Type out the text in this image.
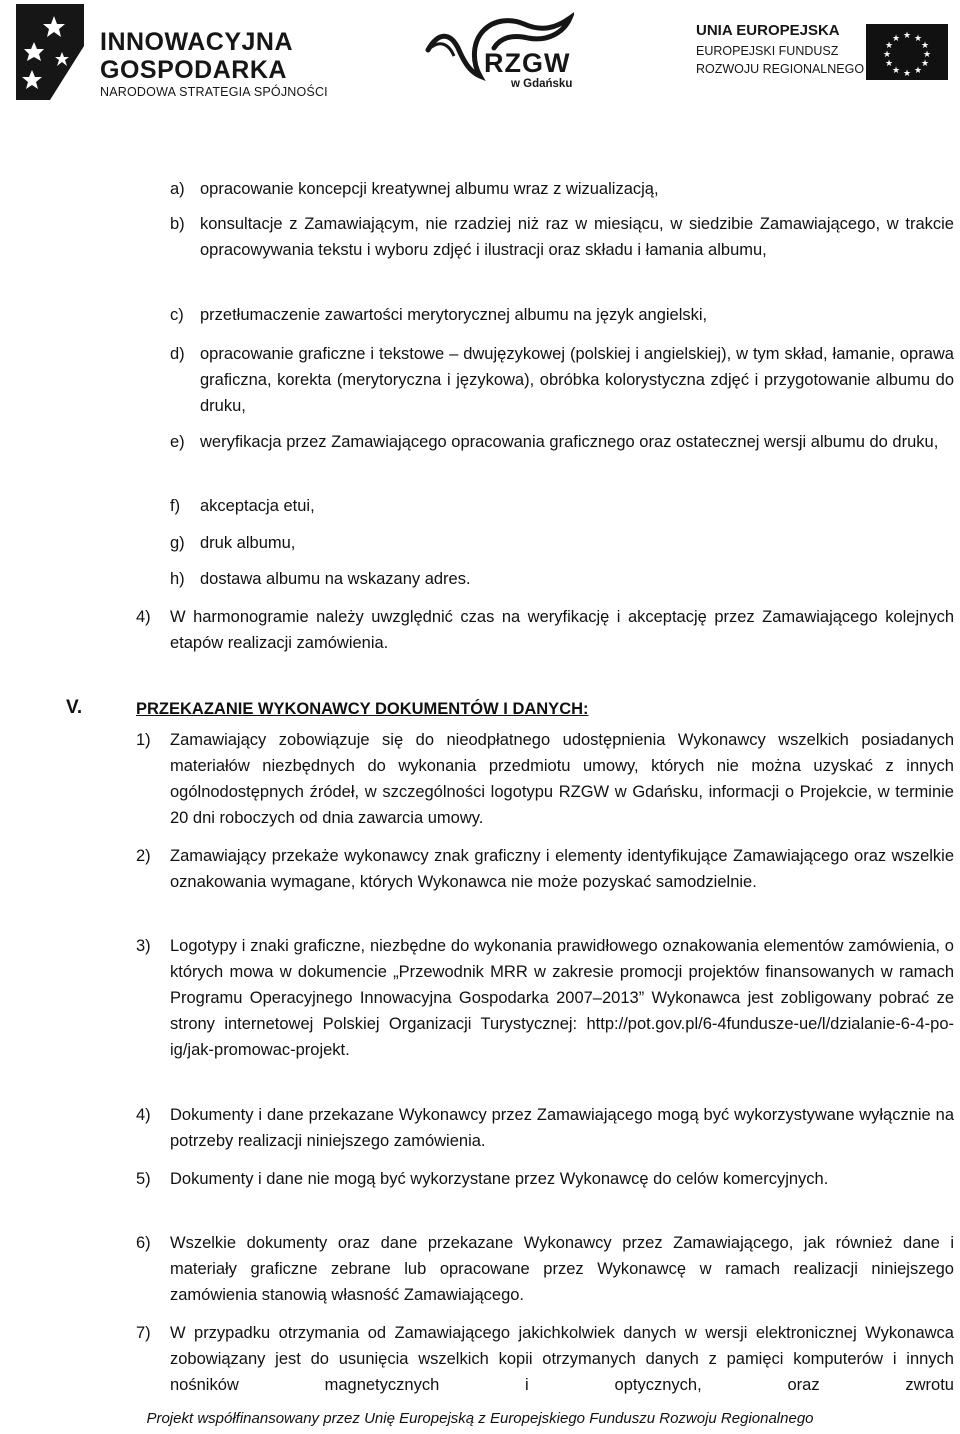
INNOWACYJNA
GOSPODARKA
NARODOWA STRATEGIA SPÓJNOŚCI
RZGW
w Gdańsku
UNIA EUROPEJSKA
EUROPEJSKI FUNDUSZ
ROZWOJU REGIONALNEGO
★ ★
★
★
★
★
★
★
★
★
★
★
a) opracowanie koncepcji kreatywnej albumu wraz z wizualizacją,

b) konsultacje z Zamawiającym, nie rzadziej niż raz w miesiącu, w siedzibie Zamawiającego, w trakcie opracowywania tekstu i wyboru zdjęć i ilustracji oraz składu i łamania albumu,

c) przetłumaczenie zawartości merytorycznej albumu na język angielski,

d) opracowanie graficzne i tekstowe – dwujęzykowej (polskiej i angielskiej), w tym skład, łamanie, oprawa graficzna, korekta (merytoryczna i językowa), obróbka kolorystyczna zdjęć i przygotowanie albumu do druku,

e) weryfikacja przez Zamawiającego opracowania graficznego oraz ostatecznej wersji albumu do druku,

f) akceptacja etui,

g) druk albumu,

h) dostawa albumu na wskazany adres.

4) W harmonogramie należy uwzględnić czas na weryfikację i akceptację przez Zamawiającego kolejnych etapów realizacji zamówienia.

V.	PRZEKAZANIE WYKONAWCY DOKUMENTÓW I DANYCH:
1) Zamawiający zobowiązuje się do nieodpłatnego udostępnienia Wykonawcy wszelkich posiadanych materiałów niezbędnych do wykonania przedmiotu umowy, których nie można uzyskać z innych ogólnodostępnych źródeł, w szczególności logotypu RZGW w Gdańsku, informacji o Projekcie, w terminie 20 dni roboczych od dnia zawarcia umowy.

2) Zamawiający przekaże wykonawcy znak graficzny i elementy identyfikujące Zamawiającego oraz wszelkie oznakowania wymagane, których Wykonawca nie może pozyskać samodzielnie.

3) Logotypy i znaki graficzne, niezbędne do wykonania prawidłowego oznakowania elementów zamówienia, o których mowa w dokumencie „Przewodnik MRR w zakresie promocji projektów finansowanych w ramach Programu Operacyjnego Innowacyjna Gospodarka 2007–2013” Wykonawca jest zobligowany pobrać ze strony internetowej Polskiej Organizacji Turystycznej: http://pot.gov.pl/6-4fundusze-ue/l/dzialanie-6-4-po-ig/jak-promowac-projekt.

4) Dokumenty i dane przekazane Wykonawcy przez Zamawiającego mogą być wykorzystywane wyłącznie na potrzeby realizacji niniejszego zamówienia.

5) Dokumenty i dane nie mogą być wykorzystane przez Wykonawcę do celów komercyjnych.

6) Wszelkie dokumenty oraz dane przekazane Wykonawcy przez Zamawiającego, jak również dane i materiały graficzne zebrane lub opracowane przez Wykonawcę w ramach realizacji niniejszego zamówienia stanowią własność Zamawiającego.

7) W przypadku otrzymania od Zamawiającego jakichkolwiek danych w wersji elektronicznej Wykonawca zobowiązany jest do usunięcia wszelkich kopii otrzymanych danych z pamięci komputerów i innych nośników magnetycznych i optycznych, oraz zwrotu

Projekt współfinansowany przez Unię Europejską z Europejskiego Funduszu Rozwoju Regionalnego
